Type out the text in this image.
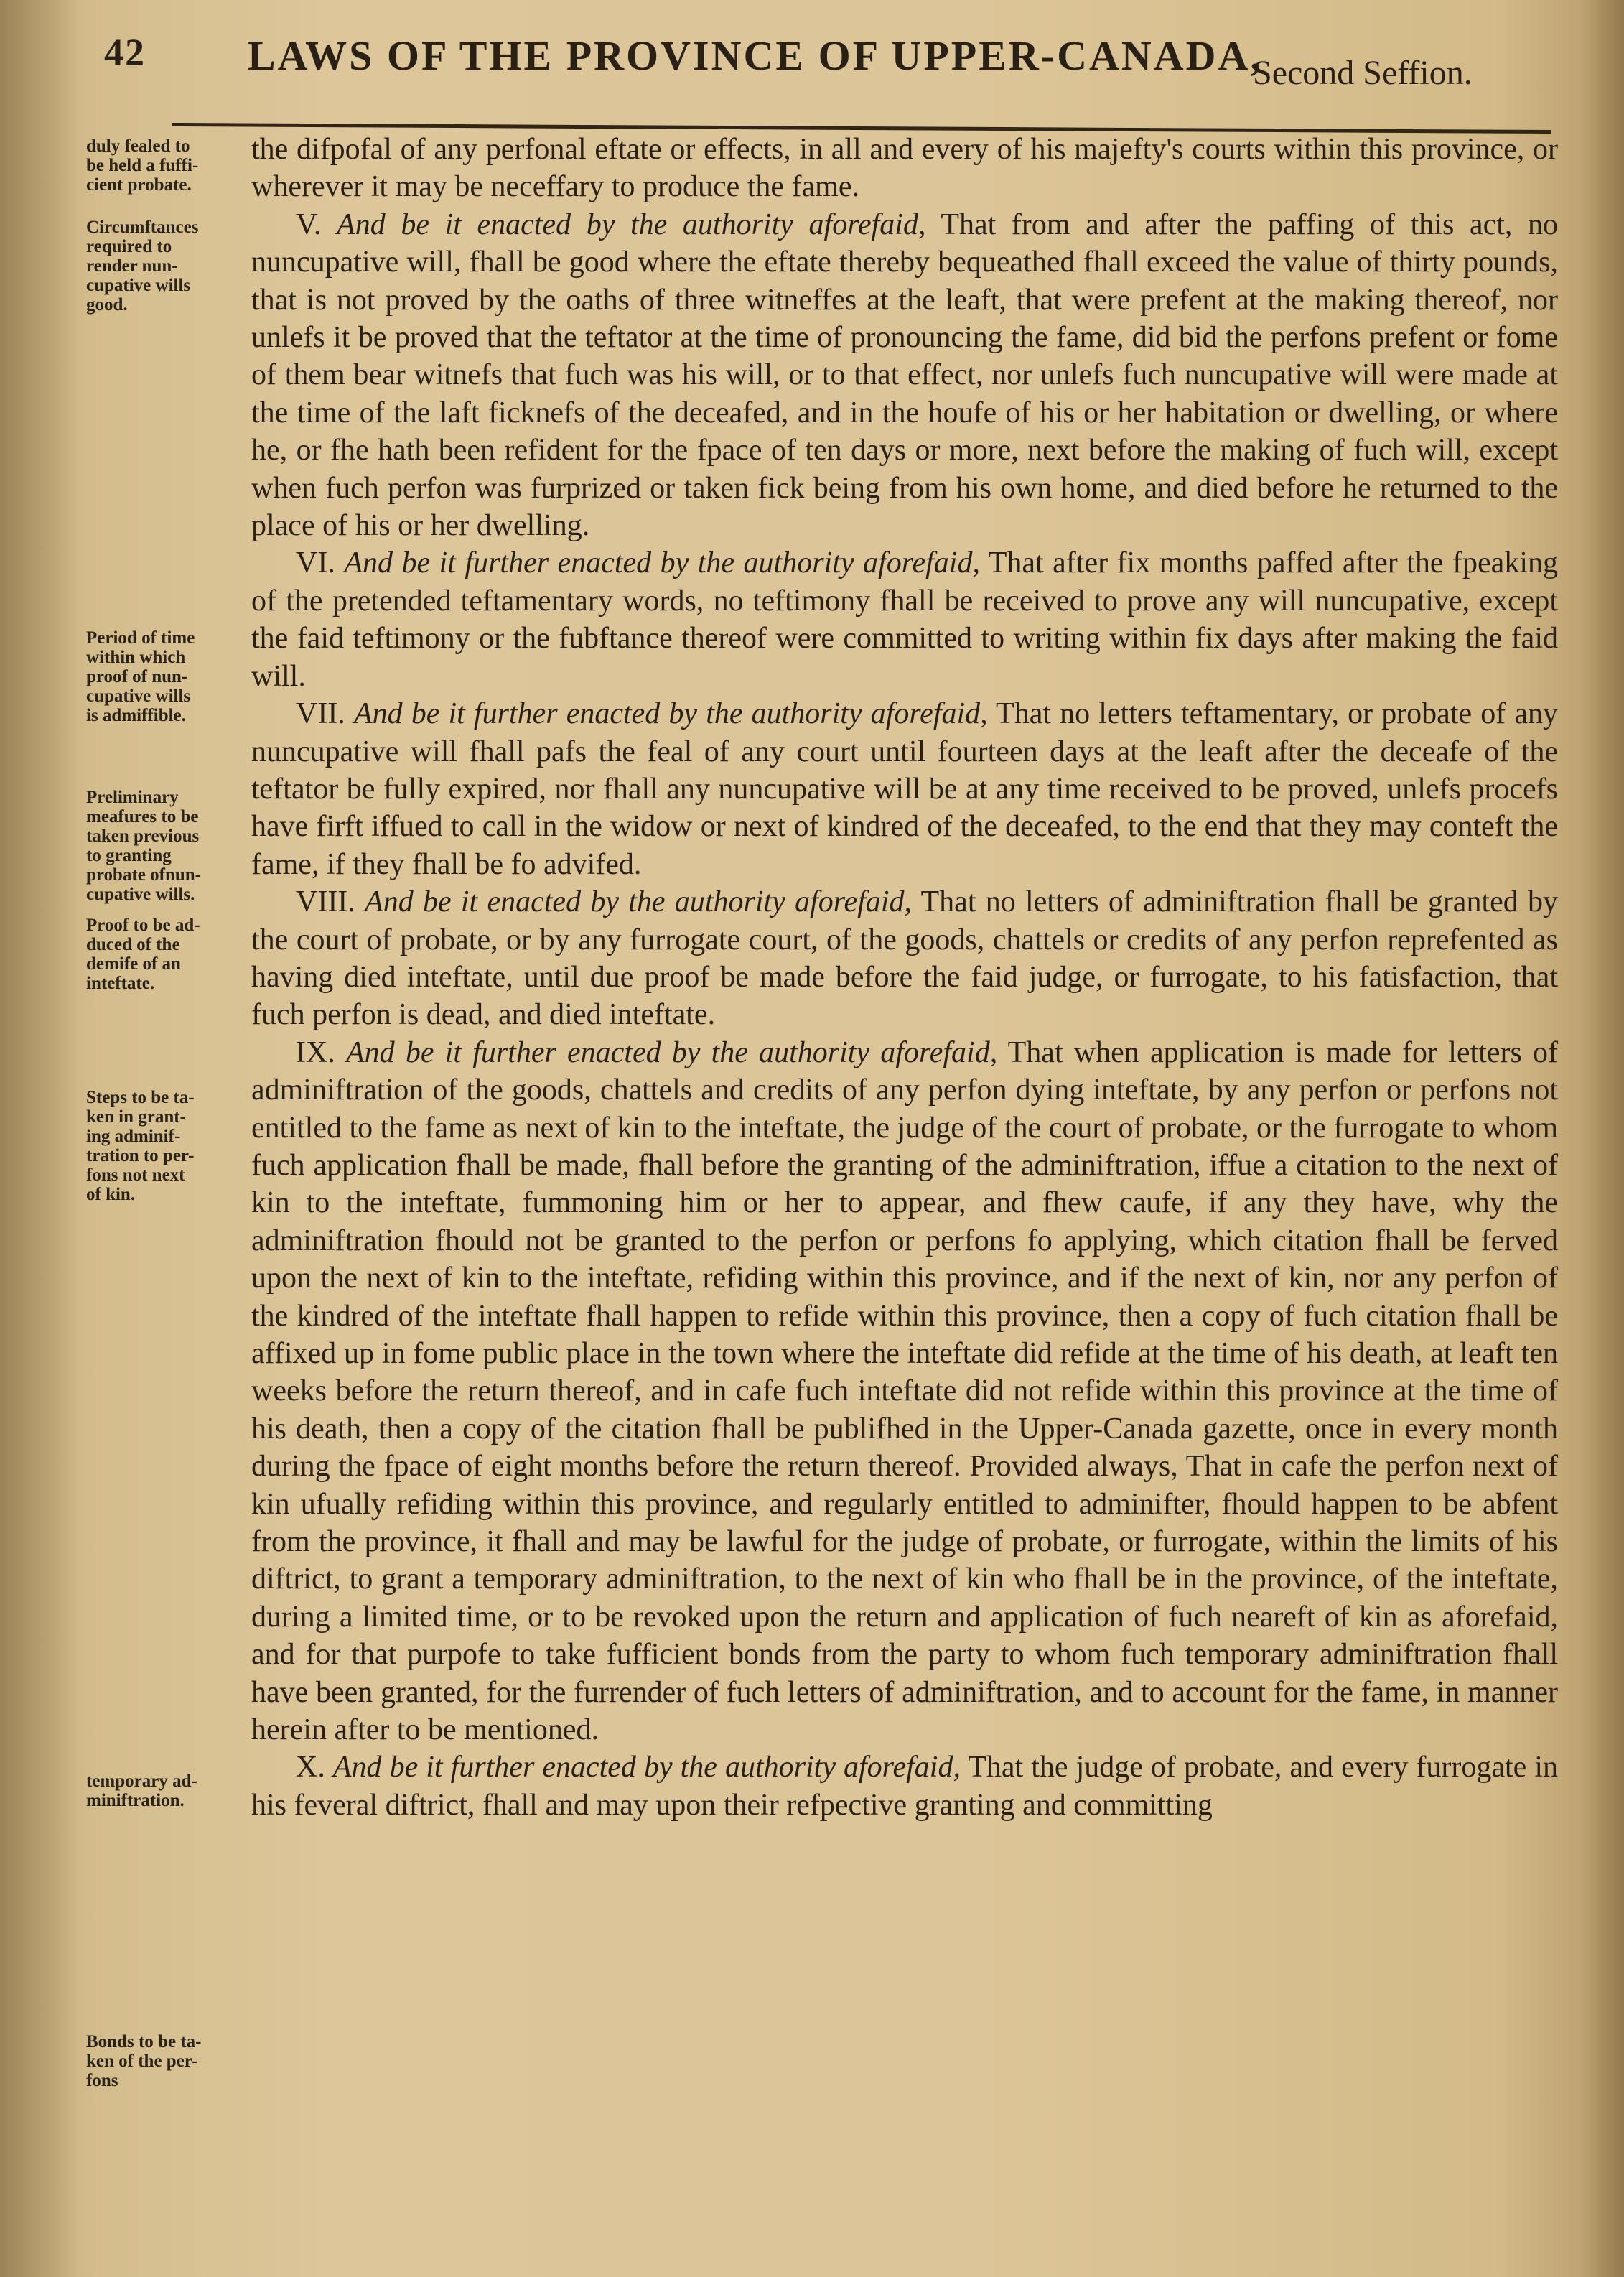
42 LAWS OF THE PROVINCE OF UPPER-CANADA,
Second Seffion.
duly fealed to
be held a fuffi-
cient probate.
Circumftances
required to
render nun-
cupative wills
good.
Period of time
within which
proof of nun-
cupative wills
is admiffible.
Preliminary
meafures to be
taken previous
to granting
probate ofnun-
cupative wills.
Proof to be ad-
duced of the
demife of an
inteftate.
Steps to be ta-
ken in grant-
ing adminif-
tration to per-
fons not next
of kin.
temporary ad-
miniftration.
Bonds to be ta-
ken of the per-
fons

the difpofal of any perfonal eftate or effects, in all and every of his majefty's courts within this province, or wherever it may be neceffary to produce the fame.

V. And be it enacted by the authority aforefaid, That from and after the paffing of this act, no nuncupative will, fhall be good where the eftate thereby bequeathed fhall exceed the value of thirty pounds, that is not proved by the oaths of three witneffes at the leaft, that were prefent at the making thereof, nor unlefs it be proved that the teftator at the time of pronouncing the fame, did bid the perfons prefent or fome of them bear witnefs that fuch was his will, or to that effect, nor unlefs fuch nuncupative will were made at the time of the laft ficknefs of the deceafed, and in the houfe of his or her habitation or dwelling, or where he, or fhe hath been refident for the fpace of ten days or more, next before the making of fuch will, except when fuch perfon was furprized or taken fick being from his own home, and died before he returned to the place of his or her dwelling.

VI. And be it further enacted by the authority aforefaid, That after fix months paffed after the fpeaking of the pretended teftamentary words, no teftimony fhall be received to prove any will nuncupative, except the faid teftimony or the fubftance thereof were committed to writing within fix days after making the faid will.

VII. And be it further enacted by the authority aforefaid, That no letters teftamentary, or probate of any nuncupative will fhall pafs the feal of any court until fourteen days at the leaft after the deceafe of the teftator be fully expired, nor fhall any nuncupative will be at any time received to be proved, unlefs procefs have firft iffued to call in the widow or next of kindred of the deceafed, to the end that they may conteft the fame, if they fhall be fo advifed.

VIII. And be it enacted by the authority aforefaid, That no letters of adminiftration fhall be granted by the court of probate, or by any furrogate court, of the goods, chattels or credits of any perfon reprefented as having died inteftate, until due proof be made before the faid judge, or furrogate, to his fatisfaction, that fuch perfon is dead, and died inteftate.

IX. And be it further enacted by the authority aforefaid, That when application is made for letters of adminiftration of the goods, chattels and credits of any perfon dying inteftate, by any perfon or perfons not entitled to the fame as next of kin to the inteftate, the judge of the court of probate, or the furrogate to whom fuch application fhall be made, fhall before the granting of the adminiftration, iffue a citation to the next of kin to the inteftate, fummoning him or her to appear, and fhew caufe, if any they have, why the adminiftration fhould not be granted to the perfon or perfons fo applying, which citation fhall be ferved upon the next of kin to the inteftate, refiding within this province, and if the next of kin, nor any perfon of the kindred of the inteftate fhall happen to refide within this province, then a copy of fuch citation fhall be affixed up in fome public place in the town where the inteftate did refide at the time of his death, at leaft ten weeks before the return thereof, and in cafe fuch inteftate did not refide within this province at the time of his death, then a copy of the citation fhall be publifhed in the Upper-Canada gazette, once in every month during the fpace of eight months before the return thereof. Provided always, That in cafe the perfon next of kin ufually refiding within this province, and regularly entitled to adminifter, fhould happen to be abfent from the province, it fhall and may be lawful for the judge of probate, or furrogate, within the limits of his diftrict, to grant a temporary adminiftration, to the next of kin who fhall be in the province, of the inteftate, during a limited time, or to be revoked upon the return and application of fuch neareft of kin as aforefaid, and for that purpofe to take fufficient bonds from the party to whom fuch temporary adminiftration fhall have been granted, for the furrender of fuch letters of adminiftration, and to account for the fame, in manner herein after to be mentioned.

X. And be it further enacted by the authority aforefaid, That the judge of probate, and every furrogate in his feveral diftrict, fhall and may upon their refpective granting and committing
